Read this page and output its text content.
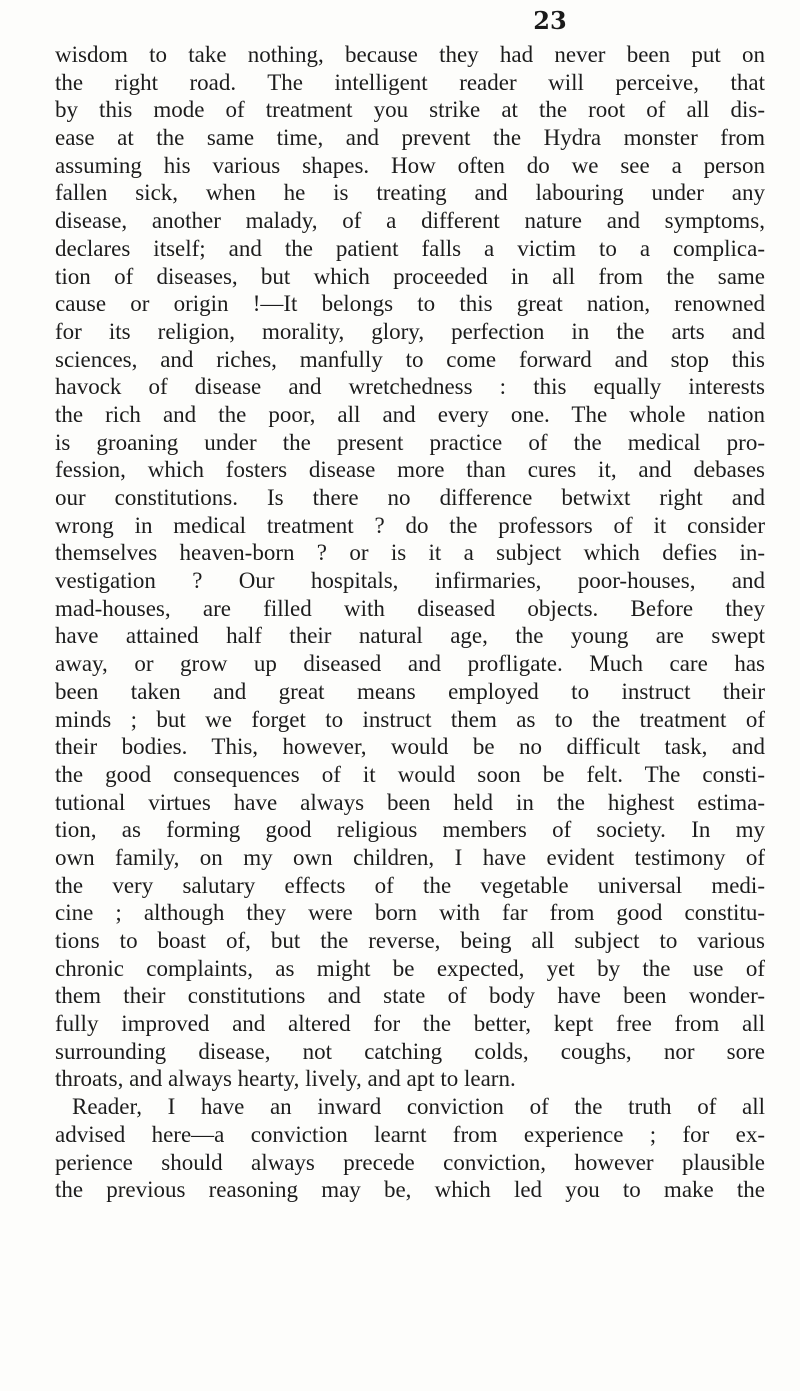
23
wisdom to take nothing, because they had never been put on
the right road. The intelligent reader will perceive, that
by this mode of treatment you strike at the root of all dis-
ease at the same time, and prevent the Hydra monster from
assuming his various shapes. How often do we see a person
fallen sick, when he is treating and labouring under any
disease, another malady, of a different nature and symptoms,
declares itself; and the patient falls a victim to a complica-
tion of diseases, but which proceeded in all from the same
cause or origin !—It belongs to this great nation, renowned
for its religion, morality, glory, perfection in the arts and
sciences, and riches, manfully to come forward and stop this
havock of disease and wretchedness : this equally interests
the rich and the poor, all and every one. The whole nation
is groaning under the present practice of the medical pro-
fession, which fosters disease more than cures it, and debases
our constitutions. Is there no difference betwixt right and
wrong in medical treatment ? do the professors of it consider
themselves heaven-born ? or is it a subject which defies in-
vestigation ? Our hospitals, infirmaries, poor-houses, and
mad-houses, are filled with diseased objects. Before they
have attained half their natural age, the young are swept
away, or grow up diseased and profligate. Much care has
been taken and great means employed to instruct their
minds ; but we forget to instruct them as to the treatment of
their bodies. This, however, would be no difficult task, and
the good consequences of it would soon be felt. The consti-
tutional virtues have always been held in the highest estima-
tion, as forming good religious members of society. In my
own family, on my own children, I have evident testimony of
the very salutary effects of the vegetable universal medi-
cine ; although they were born with far from good constitu-
tions to boast of, but the reverse, being all subject to various
chronic complaints, as might be expected, yet by the use of
them their constitutions and state of body have been wonder-
fully improved and altered for the better, kept free from all
surrounding disease, not catching colds, coughs, nor sore
throats, and always hearty, lively, and apt to learn.
Reader, I have an inward conviction of the truth of all
advised here—a conviction learnt from experience ; for ex-
perience should always precede conviction, however plausible
the previous reasoning may be, which led you to make the
